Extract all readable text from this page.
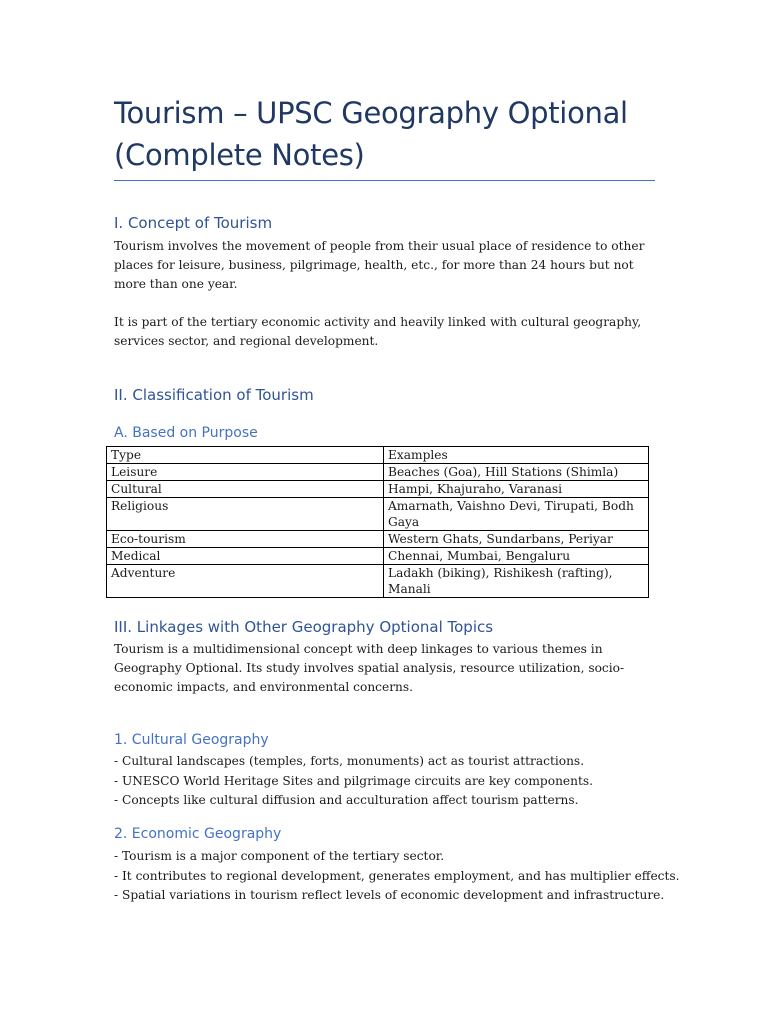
Tourism – UPSC Geography Optional (Complete Notes)
I. Concept of Tourism

Tourism involves the movement of people from their usual place of residence to other places for leisure, business, pilgrimage, health, etc., for more than 24 hours but not more than one year.

It is part of the tertiary economic activity and heavily linked with cultural geography, services sector, and regional development.

II. Classification of Tourism
A. Based on Purpose
Type	Examples
Leisure	Beaches (Goa), Hill Stations (Shimla)
Cultural	Hampi, Khajuraho, Varanasi
Religious	Amarnath, Vaishno Devi, Tirupati, Bodh Gaya
Eco-tourism	Western Ghats, Sundarbans, Periyar
Medical	Chennai, Mumbai, Bengaluru
Adventure	Ladakh (biking), Rishikesh (rafting), Manali
III. Linkages with Other Geography Optional Topics

Tourism is a multidimensional concept with deep linkages to various themes in Geography Optional. Its study involves spatial analysis, resource utilization, socio-economic impacts, and environmental concerns.

1. Cultural Geography
- Cultural landscapes (temples, forts, monuments) act as tourist attractions.
- UNESCO World Heritage Sites and pilgrimage circuits are key components.
- Concepts like cultural diffusion and acculturation affect tourism patterns.
2. Economic Geography
- Tourism is a major component of the tertiary sector.
- It contributes to regional development, generates employment, and has multiplier effects.
- Spatial variations in tourism reflect levels of economic development and infrastructure.
